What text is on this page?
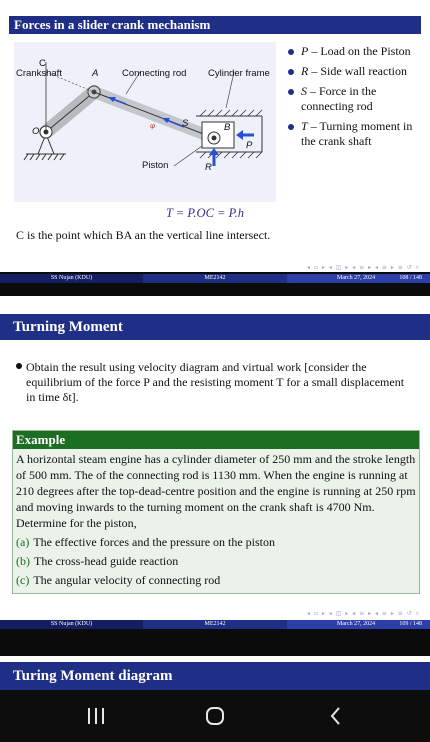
Forces in a slider crank mechanism
φ
C
Crankshaft	A Connecting rod Cylinder frame
O	B
Piston
S
P
R
P – Load on the Piston
R – Side wall reaction
S – Force in the connecting rod
T – Turning moment in the crank shaft
T = P.OC = P.h
C is the point which BA an the vertical line intersect.
◂ ▫ ▸ ◂ ◫ ▸ ◂ ≡ ▸ ◂ ≡ ▸ ≡ ↺ ⌕
SS Nujan (KDU)	ME2142	March 27, 2024	108 / 148
Turning Moment
Obtain the result using velocity diagram and virtual work [consider the equilibrium of the force P and the resisting moment T for a small displacement in time δt].
Example
A horizontal steam engine has a cylinder diameter of 250 mm and the stroke length of 500 mm. The of the connecting rod is 1130 mm. When the engine is running at 210 degrees after the top-dead-centre position and the engine is running at 250 rpm and moving inwards to the turning moment on the crank shaft is 4700 Nm. Determine for the piston,
(a) The effective forces and the pressure on the piston
(b) The cross-head guide reaction
(c) The angular velocity of connecting rod
◂ ▫ ▸ ◂ ◫ ▸ ◂ ≡ ▸ ◂ ≡ ▸ ≡ ↺ ⌕
SS Nujan (KDU)	ME2142	March 27, 2024	109 / 148
Turing Moment diagram
